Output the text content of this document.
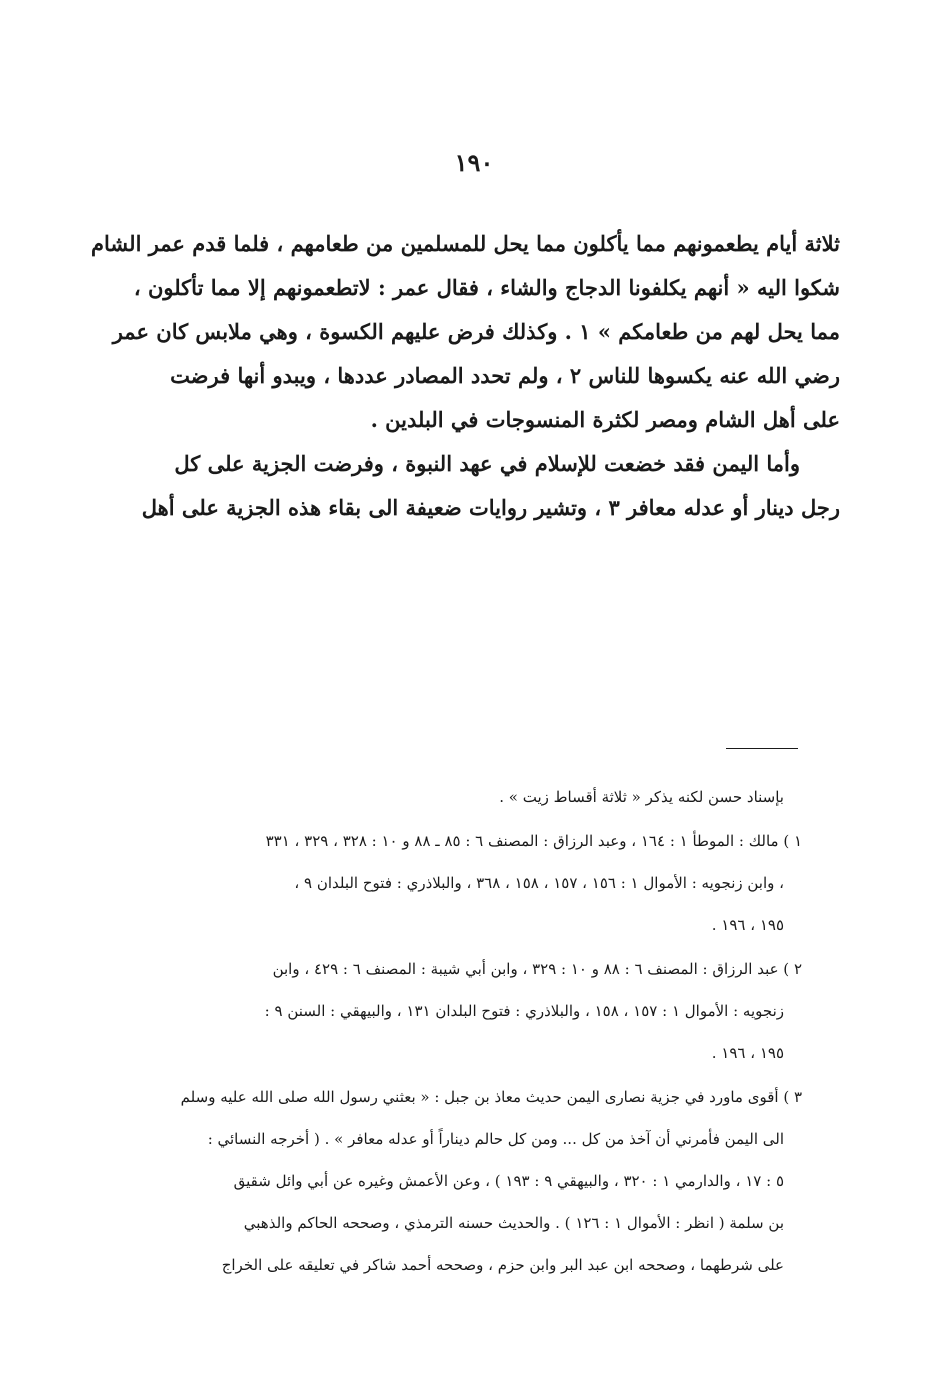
١٩٠
ثلاثة أيام يطعمونهم مما يأكلون مما يحل للمسلمين من طعامهم ، فلما قدم عمر الشام
شكوا اليه « أنهم يكلفونا الدجاج والشاء ، فقال عمر : لاتطعمونهم إلا مما تأكلون ،
مما يحل لهم من طعامكم » ١ . وكذلك فرض عليهم الكسوة ، وهي ملابس كان عمر
رضي الله عنه يكسوها للناس ٢ ، ولم تحدد المصادر عددها ، ويبدو أنها فرضت
على أهل الشام ومصر لكثرة المنسوجات في البلدين .
وأما اليمن فقد خضعت للإسلام في عهد النبوة ، وفرضت الجزية على كل
رجل دينار أو عدله معافر ٣ ، وتشير روايات ضعيفة الى بقاء هذه الجزية على أهل
بإسناد حسن لكنه يذكر « ثلاثة أقساط زيت » .
١ ) مالك : الموطأ ١ : ١٦٤ ، وعبد الرزاق : المصنف ٦ : ٨٥ ـ ٨٨ و ١٠ : ٣٢٨ ، ٣٢٩ ، ٣٣١
، وابن زنجويه : الأموال ١ : ١٥٦ ، ١٥٧ ، ١٥٨ ، ٣٦٨ ، والبلاذري : فتوح البلدان ٩ ،
١٩٥ ، ١٩٦ .
٢ ) عبد الرزاق : المصنف ٦ : ٨٨ و ١٠ : ٣٢٩ ، وابن أبي شيبة : المصنف ٦ : ٤٢٩ ، وابن
زنجويه : الأموال ١ : ١٥٧ ، ١٥٨ ، والبلاذري : فتوح البلدان ١٣١ ، والبيهقي : السنن ٩ :
١٩٥ ، ١٩٦ .
٣ ) أقوى ماورد في جزية نصارى اليمن حديث معاذ بن جبل : « بعثني رسول الله صلى الله عليه وسلم
الى اليمن فأمرني أن آخذ من كل ... ومن كل حالم ديناراً أو عدله معافر » . ( أخرجه النسائي :
٥ : ١٧ ، والدارمي ١ : ٣٢٠ ، والبيهقي ٩ : ١٩٣ ) ، وعن الأعمش وغيره عن أبي وائل شقيق
بن سلمة ( انظر : الأموال ١ : ١٢٦ ) . والحديث حسنه الترمذي ، وصححه الحاكم والذهبي
على شرطهما ، وصححه ابن عبد البر وابن حزم ، وصححه أحمد شاكر في تعليقه على الخراج
